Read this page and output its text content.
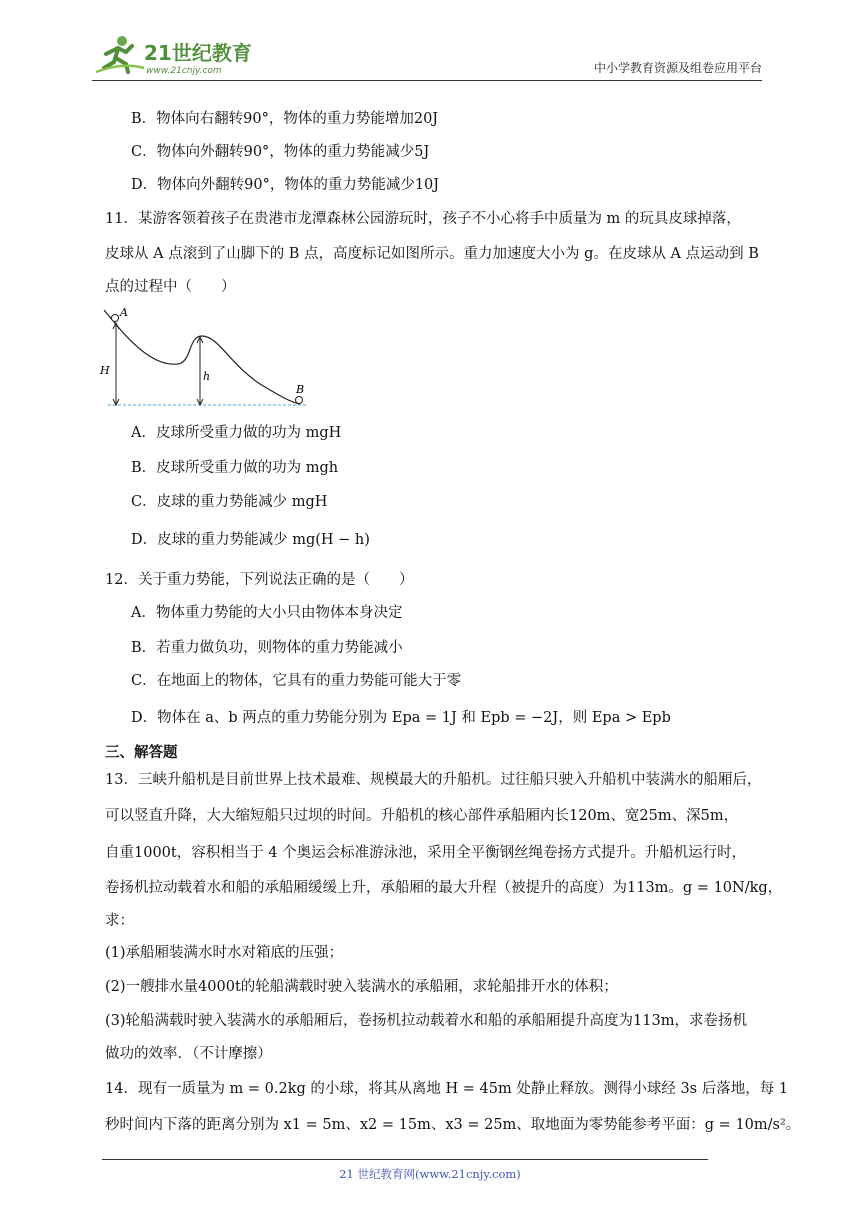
21世纪教育
www.21cnjy.com	中小学教育资源及组卷应用平台
B．物体向右翻转90°，物体的重力势能增加20J
C．物体向外翻转90°，物体的重力势能减少5J
D．物体向外翻转90°，物体的重力势能减少10J
11．某游客领着孩子在贵港市龙潭森林公园游玩时，孩子不小心将手中质量为 m 的玩具皮球掉落，
皮球从 A 点滚到了山脚下的 B 点，高度标记如图所示。重力加速度大小为 g。在皮球从 A 点运动到 B
点的过程中（　　）
A
H	h
B
A．皮球所受重力做的功为 mgH
B．皮球所受重力做的功为 mgh
C．皮球的重力势能减少 mgH
D．皮球的重力势能减少 mg(H − h)
12．关于重力势能，下列说法正确的是（　　）
A．物体重力势能的大小只由物体本身决定
B．若重力做负功，则物体的重力势能减小
C．在地面上的物体，它具有的重力势能可能大于零
D．物体在 a、b 两点的重力势能分别为 Epa = 1J 和 Epb = −2J，则 Epa > Epb
三、解答题
13．三峡升船机是目前世界上技术最难、规模最大的升船机。过往船只驶入升船机中装满水的船厢后，
可以竖直升降，大大缩短船只过坝的时间。升船机的核心部件承船厢内长120m、宽25m、深5m，
自重1000t，容积相当于 4 个奥运会标准游泳池，采用全平衡钢丝绳卷扬方式提升。升船机运行时，
卷扬机拉动载着水和船的承船厢缓缓上升，承船厢的最大升程（被提升的高度）为113m。g = 10N/kg，
求：
(1)承船厢装满水时水对箱底的压强；
(2)一艘排水量4000t的轮船满载时驶入装满水的承船厢，求轮船排开水的体积；
(3)轮船满载时驶入装满水的承船厢后，卷扬机拉动载着水和船的承船厢提升高度为113m，求卷扬机
做功的效率．（不计摩擦）
14．现有一质量为 m = 0.2kg 的小球，将其从离地 H = 45m 处静止释放。测得小球经 3s 后落地，每 1
秒时间内下落的距离分别为 x1 = 5m、x2 = 15m、x3 = 25m、取地面为零势能参考平面：g = 10m/s²。
21 世纪教育网(www.21cnjy.com)
